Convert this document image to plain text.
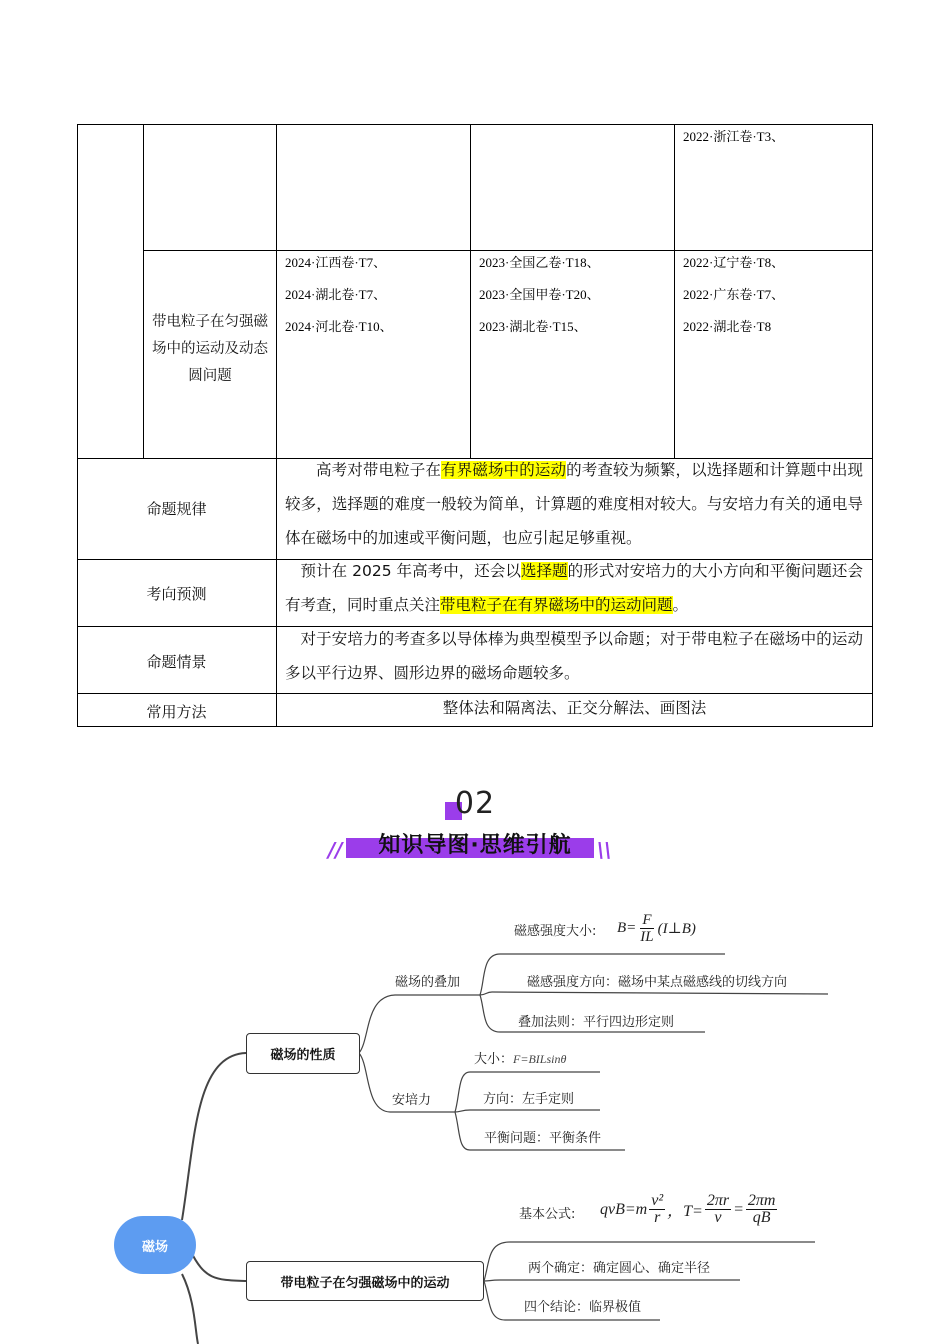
2022·浙江卷·T3、
带电粒子在匀强磁场中的运动及动态圆问题
2024·江西卷·T7、
2024·湖北卷·T7、
2024·河北卷·T10、
2023·全国乙卷·T18、
2023·全国甲卷·T20、
2023·湖北卷·T15、
2022·辽宁卷·T8、
2022·广东卷·T7、
2022·湖北卷·T8
命题规律
高考对带电粒子在有界磁场中的运动的考查较为频繁，以选择题和计算题中出现较多，选择题的难度一般较为简单，计算题的难度相对较大。与安培力有关的通电导体在磁场中的加速或平衡问题，也应引起足够重视。
考向预测
预计在 2025 年高考中，还会以选择题的形式对安培力的大小方向和平衡问题还会有考查，同时重点关注带电粒子在有界磁场中的运动问题。
命题情景
对于安培力的考查多以导体棒为典型模型予以命题；对于带电粒子在磁场中的运动多以平行边界、圆形边界的磁场命题较多。
常用方法	整体法和隔离法、正交分解法、画图法
02
//	\\
知识导图·思维引航
磁场
磁场的性质
带电粒子在匀强磁场中的运动
磁场的叠加
磁感强度大小: $B= \frac{F}{IL}$ (I⊥B)
磁感强度方向：磁场中某点磁感线的切线方向
叠加法则：平行四边形定则
安培力
大小：F=BILsinθ
方向：左手定则
平衡问题：平衡条件
基本公式: $qvB=m \frac{\text{v²}}{r}$ ，$T= \frac{2\pi r}{v} = \frac{2\pi m}{qB}$
两个确定：确定圆心、确定半径
四个结论：临界极值
